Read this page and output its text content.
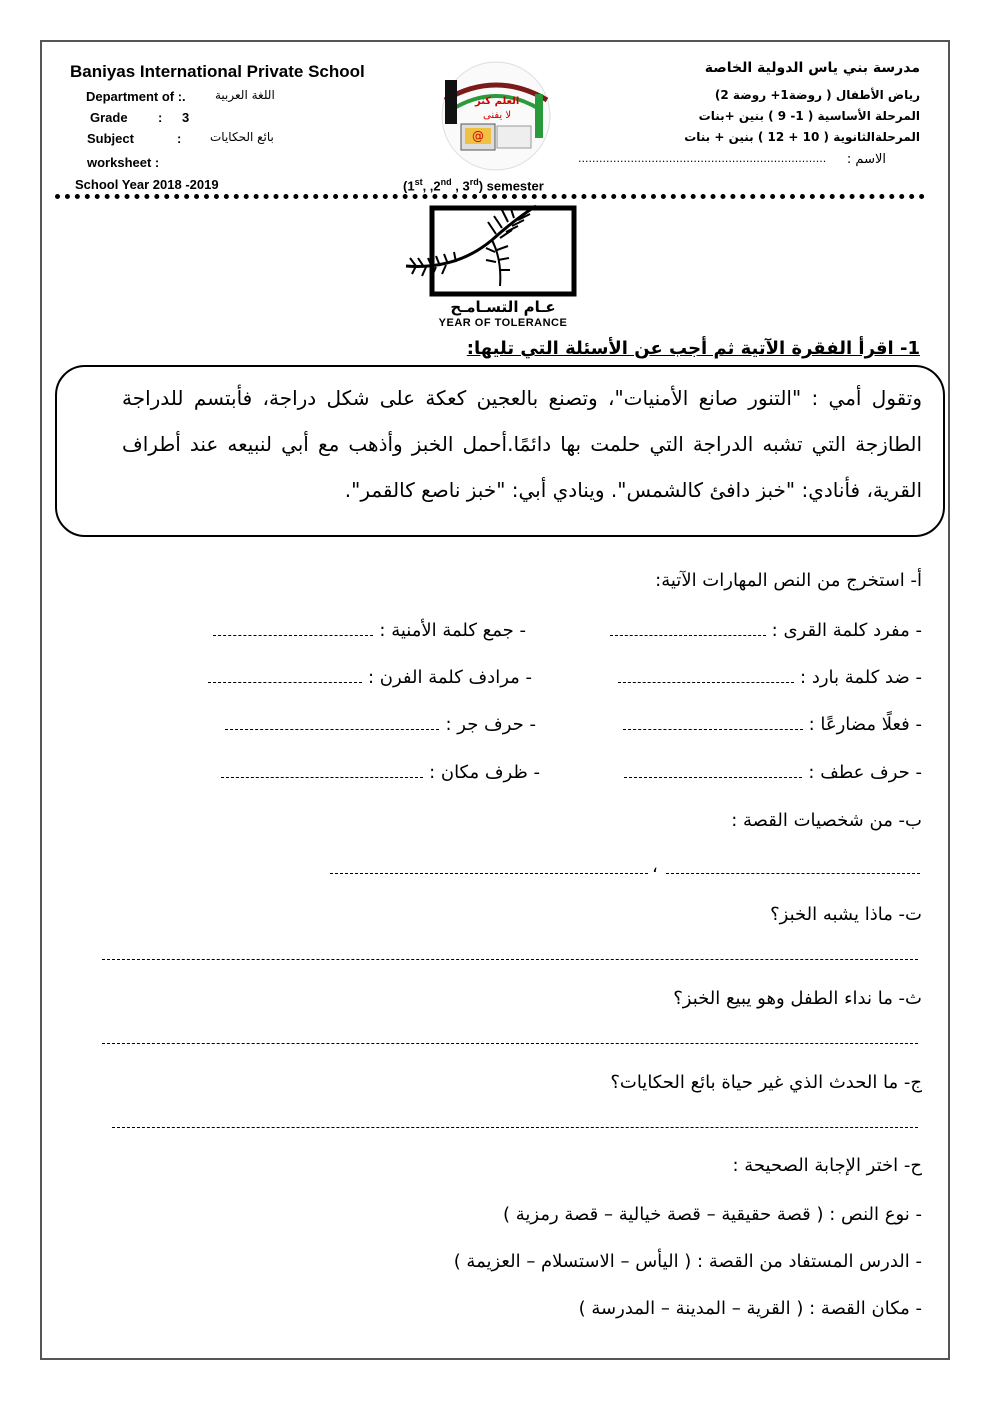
Baniyas International Private School
Department of :. اللغة العربية
Grade : 3
Subject	: بائع الحكايات
worksheet :
School Year 2018 -2019	(1st, ,2nd , 3rd) semester
@
العلم كنز
لا يفنى
مدرسة بني ياس الدولية الخاصة
رياض الأطفال ( روضة1+ روضة 2)
المرحلة الأساسية ( 1- 9 ) بنين +بنات
المرحلةالثانوية ( 10 + 12 ) بنين + بنات
الاسم :
.......................................................................
عـام التسـامـح
YEAR OF TOLERANCE
1- اقرأ الفقرة الآتية ثم أجب عن الأسئلة التي تليها:
وتقول أمي : "التنور صانع الأمنيات"، وتصنع بالعجين كعكة على شكل دراجة، فأبتسم للدراجة الطازجة التي تشبه الدراجة التي حلمت بها دائمًا.أحمل الخبز وأذهب مع أبي لنبيعه عند أطراف القرية، فأنادي: "خبز دافئ كالشمس". وينادي أبي: "خبز ناصع كالقمر".
أ- استخرج من النص المهارات الآتية:
- مفرد كلمة القرى :
- جمع كلمة الأمنية :
- ضد كلمة بارد :
- مرادف كلمة الفرن :
- فعلًا مضارعًا :
- حرف جر :
- حرف عطف :
- ظرف مكان :
ب- من شخصيات القصة :
،
ت- ماذا يشبه الخبز؟
ث- ما نداء الطفل وهو يبيع الخبز؟
ج- ما الحدث الذي غير حياة بائع الحكايات؟
ح- اختر الإجابة الصحيحة :
- نوع النص : ( قصة حقيقية – قصة خيالية – قصة رمزية )
- الدرس المستفاد من القصة : ( اليأس – الاستسلام – العزيمة )
- مكان القصة : ( القرية – المدينة – المدرسة )
